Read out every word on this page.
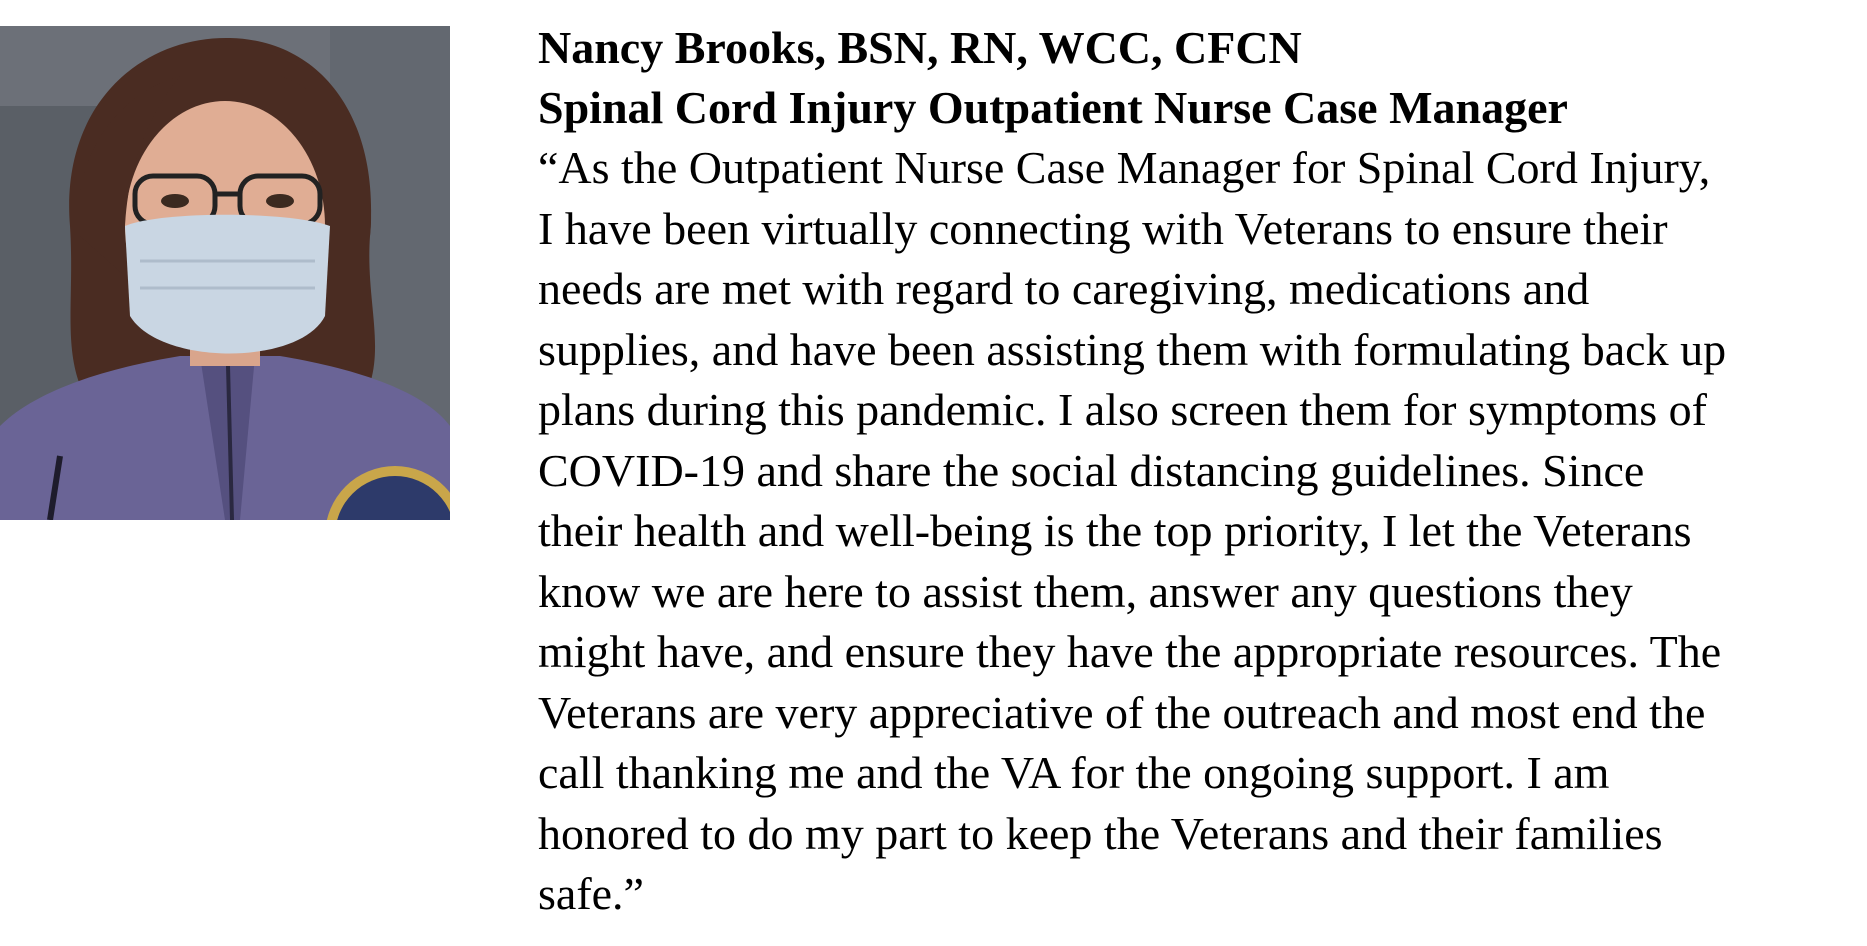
Nancy Brooks, BSN, RN, WCC, CFCN

Spinal Cord Injury Outpatient Nurse Case Manager

“As the Outpatient Nurse Case Manager for Spinal Cord Injury,
I have been virtually connecting with Veterans to ensure their
needs are met with regard to caregiving, medications and
supplies, and have been assisting them with formulating back up
plans during this pandemic. I also screen them for symptoms of
COVID-19 and share the social distancing guidelines. Since
their health and well-being is the top priority, I let the Veterans
know we are here to assist them, answer any questions they
might have, and ensure they have the appropriate resources. The
Veterans are very appreciative of the outreach and most end the
call thanking me and the VA for the ongoing support. I am
honored to do my part to keep the Veterans and their families
safe.”
